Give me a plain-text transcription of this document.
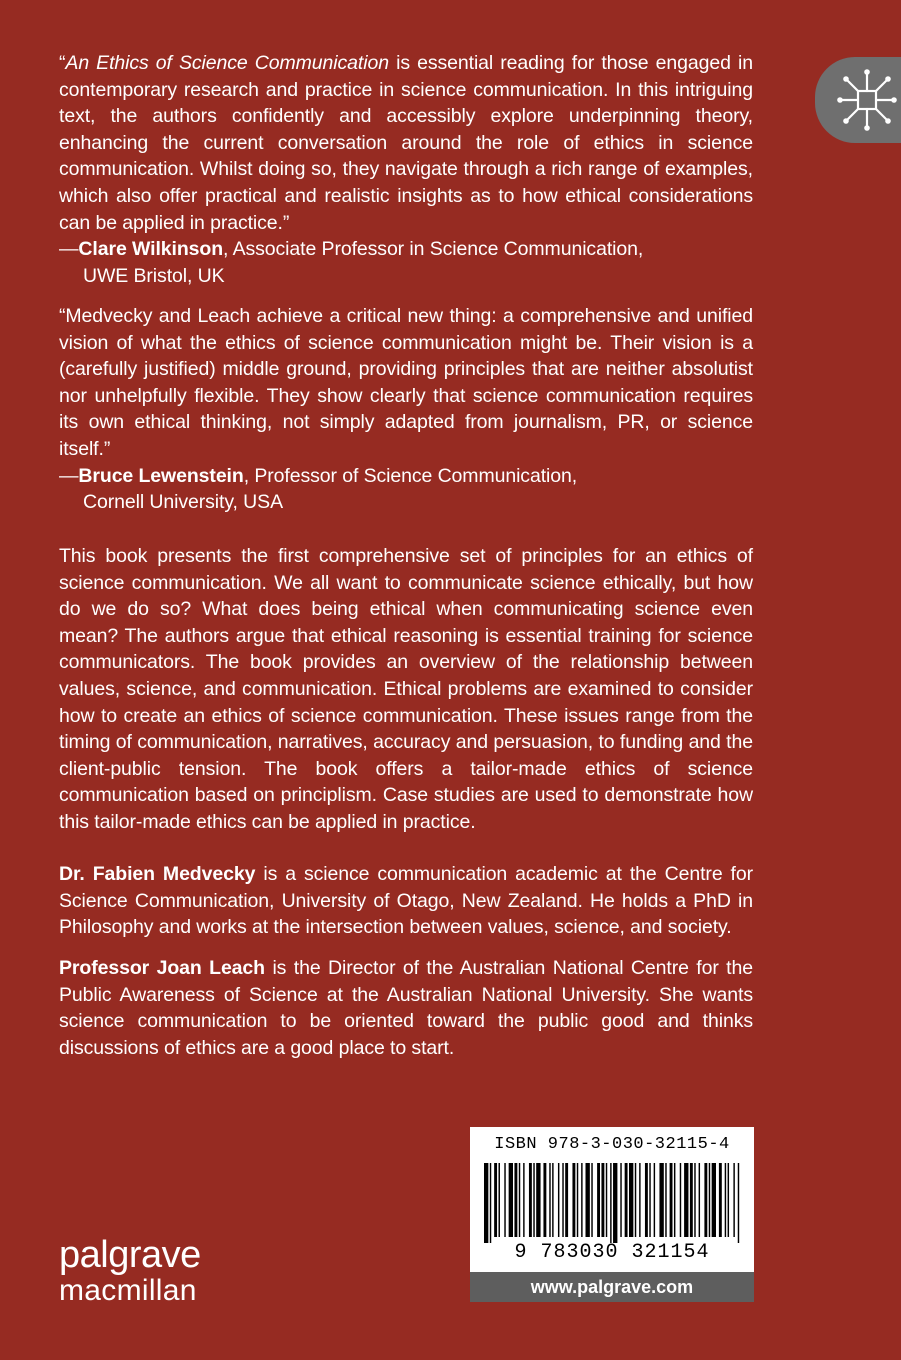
“An Ethics of Science Communication is essential reading for those engaged in contemporary research and practice in science communication. In this intriguing text, the authors confidently and accessibly explore underpinning theory, enhancing the current conversation around the role of ethics in science communication. Whilst doing so, they navigate through a rich range of examples, which also offer practical and realistic insights as to how ethical considerations can be applied in practice.”

—Clare Wilkinson, Associate Professor in Science Communication,
UWE Bristol, UK

“Medvecky and Leach achieve a critical new thing: a comprehensive and unified vision of what the ethics of science communication might be. Their vision is a (carefully justified) middle ground, providing principles that are neither absolutist nor unhelpfully flexible. They show clearly that science communication requires its own ethical thinking, not simply adapted from journalism, PR, or science itself.”

—Bruce Lewenstein, Professor of Science Communication,
Cornell University, USA

This book presents the first comprehensive set of principles for an ethics of science communication. We all want to communicate science ethically, but how do we do so? What does being ethical when communicating science even mean? The authors argue that ethical reasoning is essential training for science communicators. The book provides an overview of the relationship between values, science, and communication. Ethical problems are examined to consider how to create an ethics of science communication. These issues range from the timing of communication, narratives, accuracy and persuasion, to funding and the client-public tension. The book offers a tailor-made ethics of science communication based on principlism. Case studies are used to demonstrate how this tailor-made ethics can be applied in practice.

Dr. Fabien Medvecky is a science communication academic at the Centre for Science Communication, University of Otago, New Zealand. He holds a PhD in Philosophy and works at the intersection between values, science, and society.

Professor Joan Leach is the Director of the Australian National Centre for the Public Awareness of Science at the Australian National University. She wants science communication to be oriented toward the public good and thinks discussions of ethics are a good place to start.

palgrave
macmillan
ISBN 978-3-030-32115-4
9 783030 321154
www.palgrave.com
